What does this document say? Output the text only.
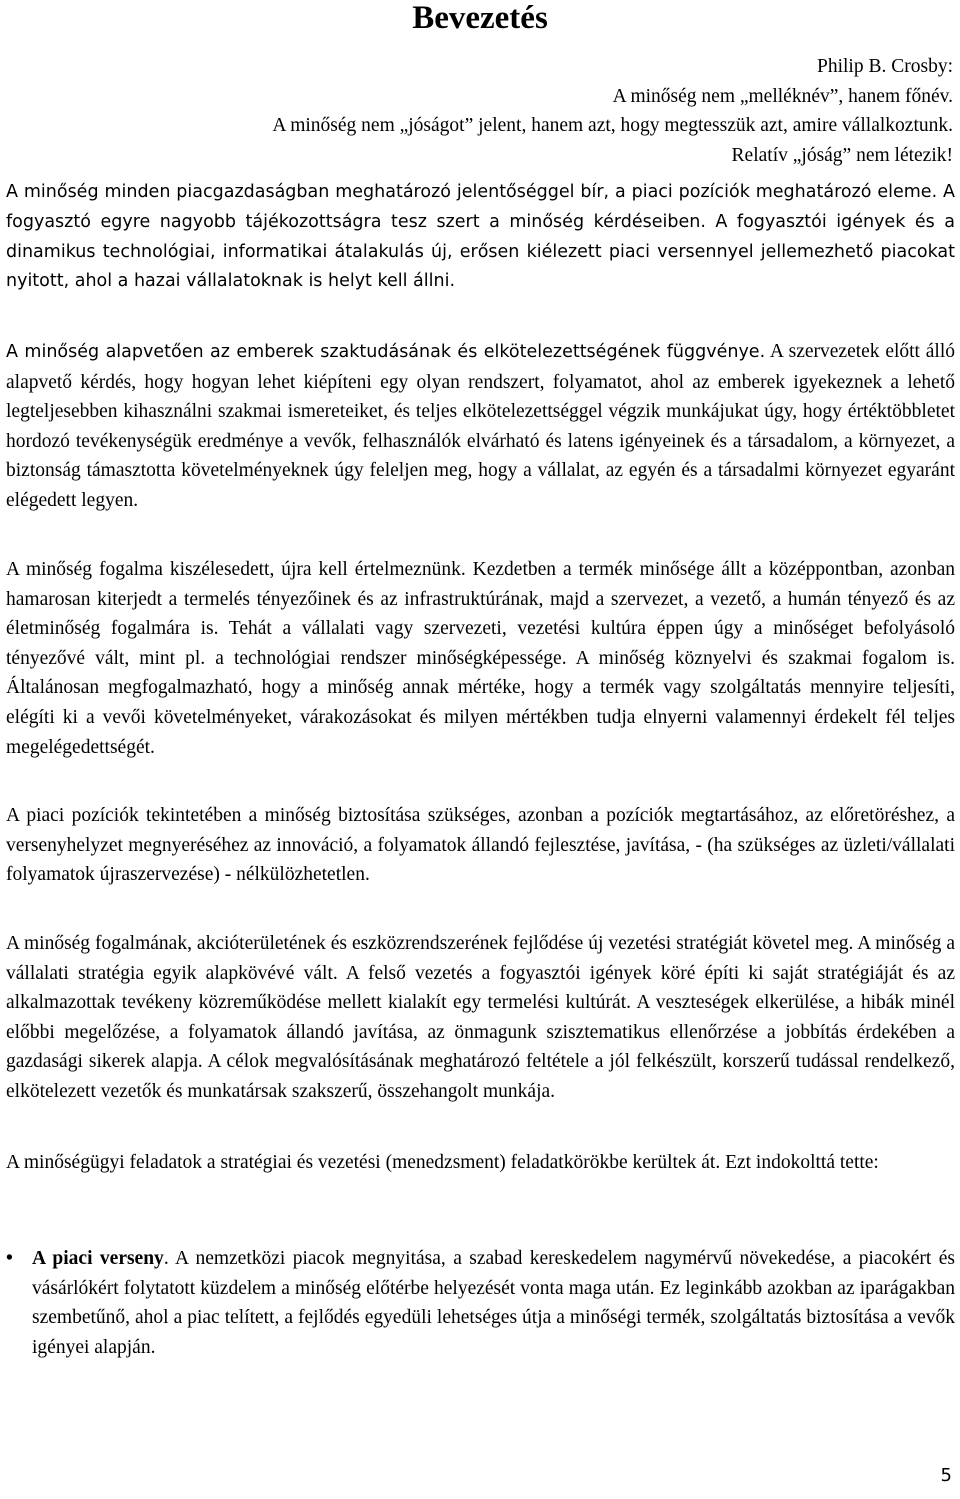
Bevezetés
Philip B. Crosby:
A minőség nem „melléknév”, hanem főnév.
A minőség nem „jóságot” jelent, hanem azt, hogy megtesszük azt, amire vállalkoztunk.
Relatív „jóság” nem létezik!

A minőség minden piacgazdaságban meghatározó jelentőséggel bír, a piaci pozíciók meghatározó eleme. A fogyasztó egyre nagyobb tájékozottságra tesz szert a minőség kérdéseiben. A fogyasztói igények és a dinamikus technológiai, informatikai átalakulás új, erősen kiélezett piaci versennyel jellemezhető piacokat nyitott, ahol a hazai vállalatoknak is helyt kell állni.

A minőség alapvetően az emberek szaktudásának és elkötelezettségének függvénye. A szervezetek előtt álló alapvető kérdés, hogy hogyan lehet kiépíteni egy olyan rendszert, folyamatot, ahol az emberek igyekeznek a lehető legteljesebben kihasználni szakmai ismereteiket, és teljes elkötelezettséggel végzik munkájukat úgy, hogy értéktöbbletet hordozó tevékenységük eredménye a vevők, felhasználók elvárható és latens igényeinek és a társadalom, a környezet, a biztonság támasztotta követelményeknek úgy feleljen meg, hogy a vállalat, az egyén és a társadalmi környezet egyaránt elégedett legyen.

A minőség fogalma kiszélesedett, újra kell értelmeznünk. Kezdetben a termék minősége állt a középpontban, azonban hamarosan kiterjedt a termelés tényezőinek és az infrastruktúrának, majd a szervezet, a vezető, a humán tényező és az életminőség fogalmára is. Tehát a vállalati vagy szervezeti, vezetési kultúra éppen úgy a minőséget befolyásoló tényezővé vált, mint pl. a technológiai rendszer minőségképessége. A minőség köznyelvi és szakmai fogalom is. Általánosan megfogalmazható, hogy a minőség annak mértéke, hogy a termék vagy szolgáltatás mennyire teljesíti, elégíti ki a vevői követelményeket, várakozásokat és milyen mértékben tudja elnyerni valamennyi érdekelt fél teljes megelégedettségét.

A piaci pozíciók tekintetében a minőség biztosítása szükséges, azonban a pozíciók megtartásához, az előretöréshez, a versenyhelyzet megnyeréséhez az innováció, a folyamatok állandó fejlesztése, javítása, - (ha szükséges az üzleti/vállalati folyamatok újraszervezése) - nélkülözhetetlen.

A minőség fogalmának, akcióterületének és eszközrendszerének fejlődése új vezetési stratégiát követel meg. A minőség a vállalati stratégia egyik alapkövévé vált. A felső vezetés a fogyasztói igények köré építi ki saját stratégiáját és az alkalmazottak tevékeny közreműködése mellett kialakít egy termelési kultúrát. A veszteségek elkerülése, a hibák minél előbbi megelőzése, a folyamatok állandó javítása, az önmagunk szisztematikus ellenőrzése a jobbítás érdekében a gazdasági sikerek alapja. A célok megvalósításának meghatározó feltétele a jól felkészült, korszerű tudással rendelkező, elkötelezett vezetők és munkatársak szakszerű, összehangolt munkája.

A minőségügyi feladatok a stratégiai és vezetési (menedzsment) feladatkörökbe kerültek át. Ezt indokolttá tette:

• A piaci verseny. A nemzetközi piacok megnyitása, a szabad kereskedelem nagymérvű növekedése, a piacokért és vásárlókért folytatott küzdelem a minőség előtérbe helyezését vonta maga után. Ez leginkább azokban az iparágakban szembetűnő, ahol a piac telített, a fejlődés egyedüli lehetséges útja a minőségi termék, szolgáltatás biztosítása a vevők igényei alapján.
5
